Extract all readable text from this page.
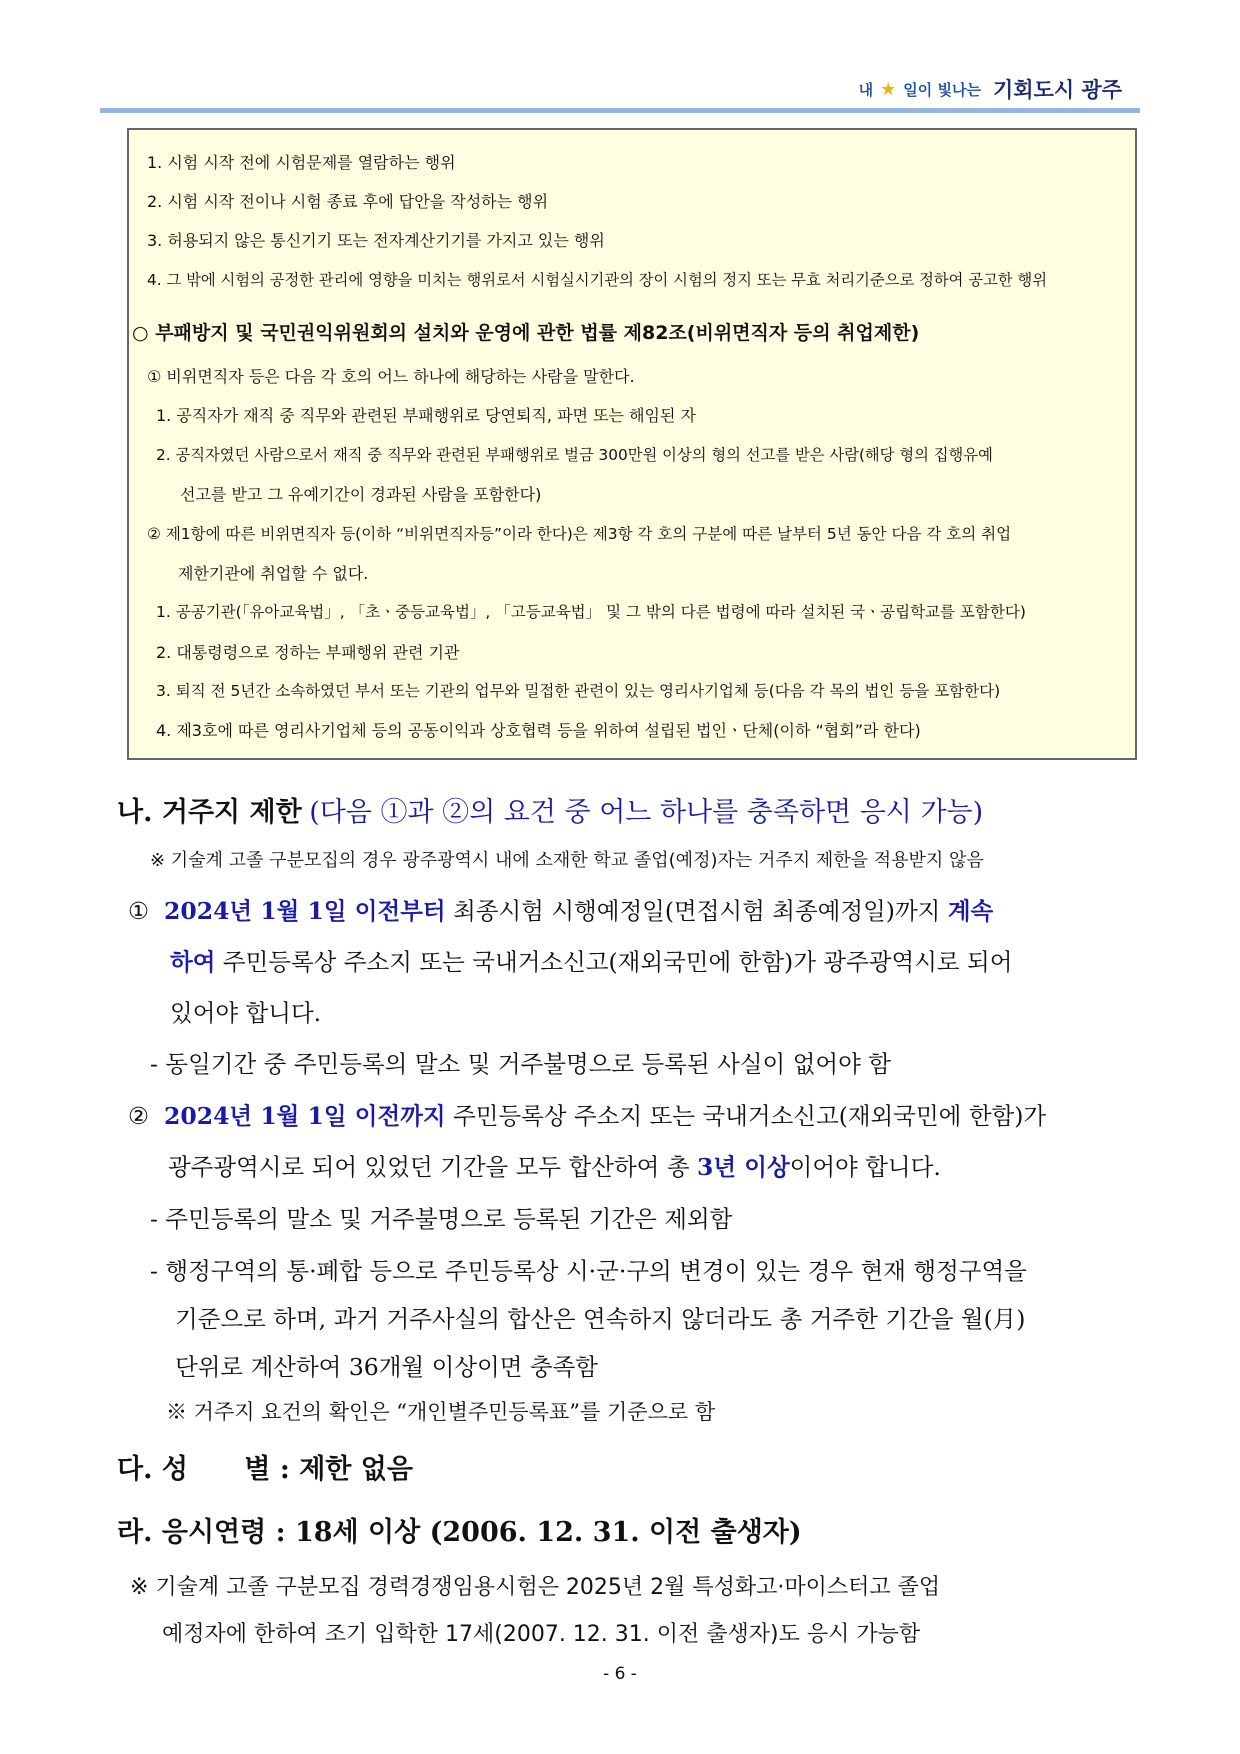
내 ★ 일이 빛나는 기회도시 광주
1. 시험 시작 전에 시험문제를 열람하는 행위
2. 시험 시작 전이나 시험 종료 후에 답안을 작성하는 행위
3. 허용되지 않은 통신기기 또는 전자계산기기를 가지고 있는 행위
4. 그 밖에 시험의 공정한 관리에 영향을 미치는 행위로서 시험실시기관의 장이 시험의 정지 또는 무효 처리기준으로 정하여 공고한 행위
○ 부패방지 및 국민권익위원회의 설치와 운영에 관한 법률 제82조(비위면직자 등의 취업제한)
① 비위면직자 등은 다음 각 호의 어느 하나에 해당하는 사람을 말한다.
1. 공직자가 재직 중 직무와 관련된 부패행위로 당연퇴직, 파면 또는 해임된 자
2. 공직자였던 사람으로서 재직 중 직무와 관련된 부패행위로 벌금 300만원 이상의 형의 선고를 받은 사람(해당 형의 집행유예
선고를 받고 그 유예기간이 경과된 사람을 포함한다)
② 제1항에 따른 비위면직자 등(이하 “비위면직자등”이라 한다)은 제3항 각 호의 구분에 따른 날부터 5년 동안 다음 각 호의 취업
제한기관에 취업할 수 없다.
1. 공공기관(「유아교육법」, 「초ㆍ중등교육법」, 「고등교육법」 및 그 밖의 다른 법령에 따라 설치된 국ㆍ공립학교를 포함한다)
2. 대통령령으로 정하는 부패행위 관련 기관
3. 퇴직 전 5년간 소속하였던 부서 또는 기관의 업무와 밀접한 관련이 있는 영리사기업체 등(다음 각 목의 법인 등을 포함한다)
4. 제3호에 따른 영리사기업체 등의 공동이익과 상호협력 등을 위하여 설립된 법인ㆍ단체(이하 “협회”라 한다)
나. 거주지 제한 (다음 ①과 ②의 요건 중 어느 하나를 충족하면 응시 가능)
※ 기술계 고졸 구분모집의 경우 광주광역시 내에 소재한 학교 졸업(예정)자는 거주지 제한을 적용받지 않음
① 2024년 1월 1일 이전부터 최종시험 시행예정일(면접시험 최종예정일)까지 계속
하여 주민등록상 주소지 또는 국내거소신고(재외국민에 한함)가 광주광역시로 되어
있어야 합니다.
- 동일기간 중 주민등록의 말소 및 거주불명으로 등록된 사실이 없어야 함
② 2024년 1월 1일 이전까지 주민등록상 주소지 또는 국내거소신고(재외국민에 한함)가
광주광역시로 되어 있었던 기간을 모두 합산하여 총 3년 이상이어야 합니다.
- 주민등록의 말소 및 거주불명으로 등록된 기간은 제외함
- 행정구역의 통·폐합 등으로 주민등록상 시·군·구의 변경이 있는 경우 현재 행정구역을
기준으로 하며, 과거 거주사실의 합산은 연속하지 않더라도 총 거주한 기간을 월(月)
단위로 계산하여 36개월 이상이면 충족함
※ 거주지 요건의 확인은 “개인별주민등록표”를 기준으로 함
다. 성      별 : 제한 없음
라. 응시연령 : 18세 이상 (2006. 12. 31. 이전 출생자)
※ 기술계 고졸 구분모집 경력경쟁임용시험은 2025년 2월 특성화고·마이스터고 졸업
예정자에 한하여 조기 입학한 17세(2007. 12. 31. 이전 출생자)도 응시 가능함
- 6 -
